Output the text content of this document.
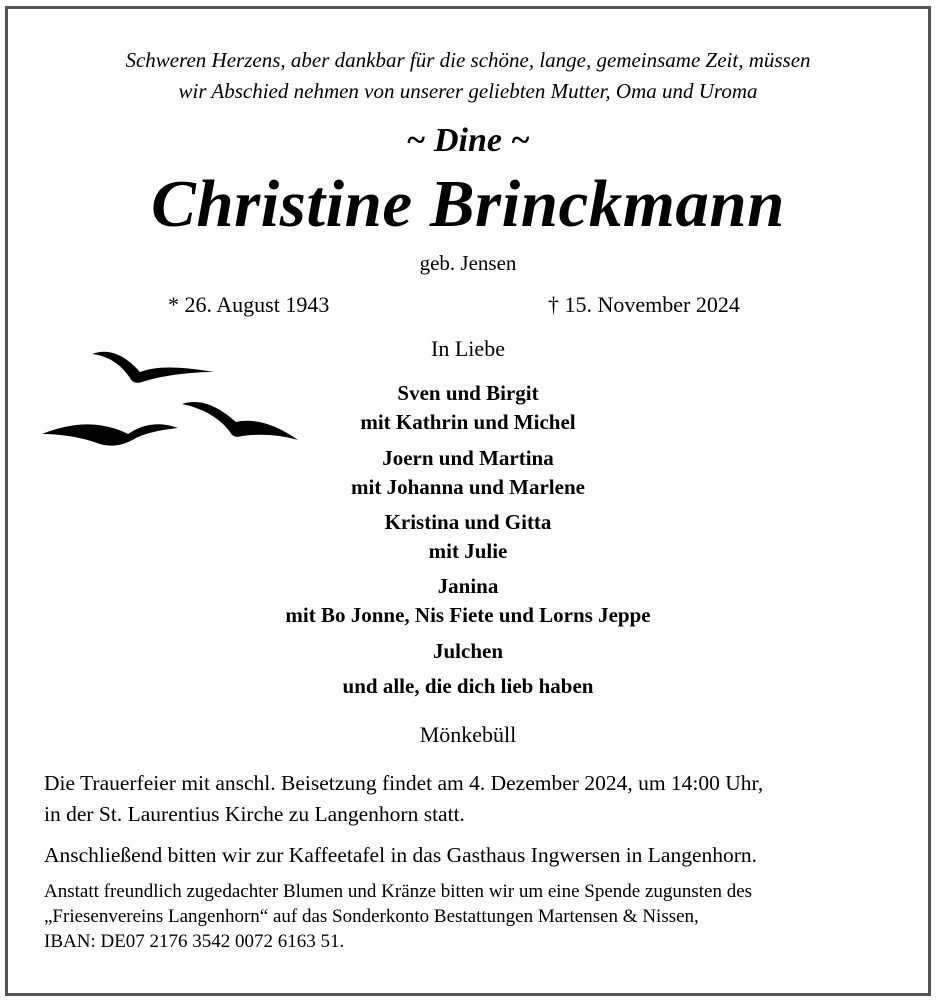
Schweren Herzens, aber dankbar für die schöne, lange, gemeinsame Zeit, müssen
wir Abschied nehmen von unserer geliebten Mutter, Oma und Uroma
~ Dine ~
Christine Brinckmann
geb. Jensen
* 26. August 1943	† 15. November 2024
In Liebe
Sven und Birgit
mit Kathrin und Michel
Joern und Martina
mit Johanna und Marlene
Kristina und Gitta
mit Julie
Janina
mit Bo Jonne, Nis Fiete und Lorns Jeppe
Julchen
und alle, die dich lieb haben
Mönkebüll
Die Trauerfeier mit anschl. Beisetzung findet am 4. Dezember 2024, um 14:00 Uhr,
in der St. Laurentius Kirche zu Langenhorn statt.
Anschließend bitten wir zur Kaffeetafel in das Gasthaus Ingwersen in Langenhorn.
Anstatt freundlich zugedachter Blumen und Kränze bitten wir um eine Spende zugunsten des
„Friesenvereins Langenhorn“ auf das Sonderkonto Bestattungen Martensen & Nissen,
IBAN: DE07 2176 3542 0072 6163 51.
